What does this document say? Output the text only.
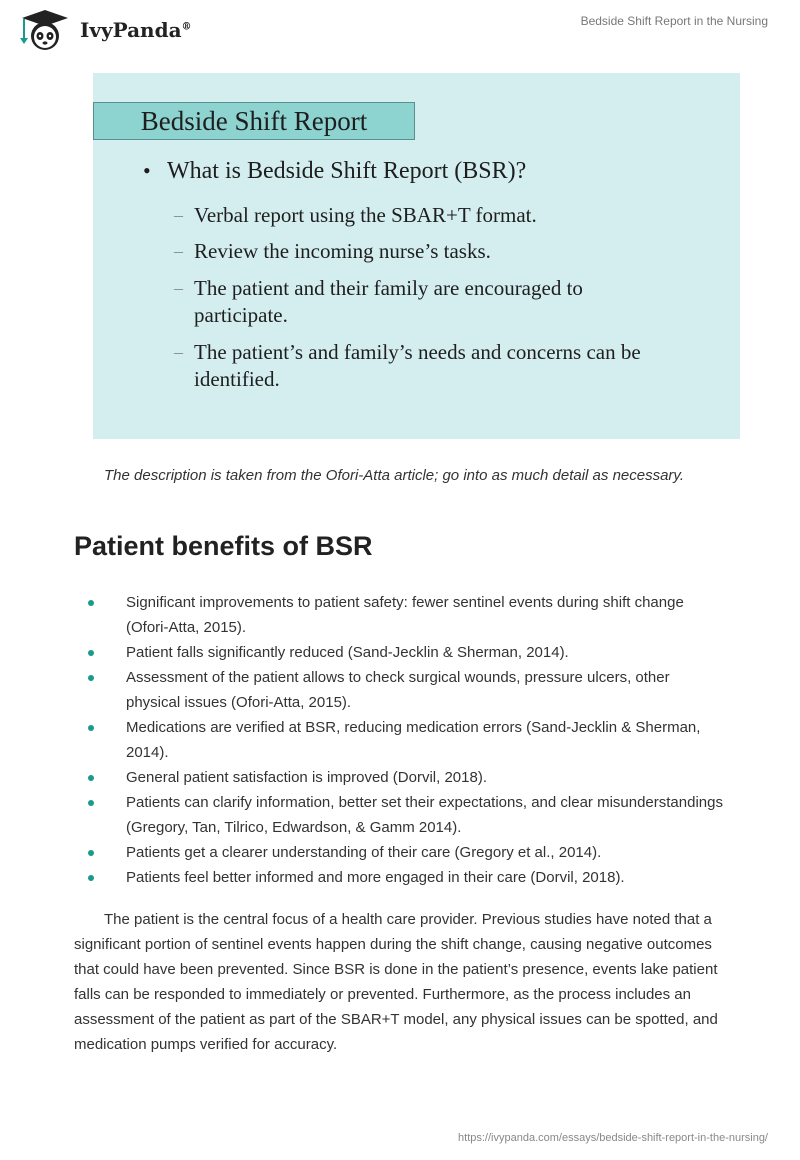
IvyPanda®	Bedside Shift Report in the Nursing
Bedside Shift Report
• What is Bedside Shift Report (BSR)?
– Verbal report using the SBAR+T format.
– Review the incoming nurse’s tasks.
– The patient and their family are encouraged to participate.
– The patient’s and family’s needs and concerns can be identified.
The description is taken from the Ofori-Atta article; go into as much detail as necessary.
Patient benefits of BSR
Significant improvements to patient safety: fewer sentinel events during shift change (Ofori-Atta, 2015).
Patient falls significantly reduced (Sand-Jecklin & Sherman, 2014).
Assessment of the patient allows to check surgical wounds, pressure ulcers, other physical issues (Ofori-Atta, 2015).
Medications are verified at BSR, reducing medication errors (Sand-Jecklin & Sherman, 2014).
General patient satisfaction is improved (Dorvil, 2018).
Patients can clarify information, better set their expectations, and clear misunderstandings (Gregory, Tan, Tilrico, Edwardson, & Gamm 2014).
Patients get a clearer understanding of their care (Gregory et al., 2014).
Patients feel better informed and more engaged in their care (Dorvil, 2018).
The patient is the central focus of a health care provider. Previous studies have noted that a significant portion of sentinel events happen during the shift change, causing negative outcomes that could have been prevented. Since BSR is done in the patient’s presence, events lake patient falls can be responded to immediately or prevented. Furthermore, as the process includes an assessment of the patient as part of the SBAR+T model, any physical issues can be spotted, and medication pumps verified for accuracy.
https://ivypanda.com/essays/bedside-shift-report-in-the-nursing/
